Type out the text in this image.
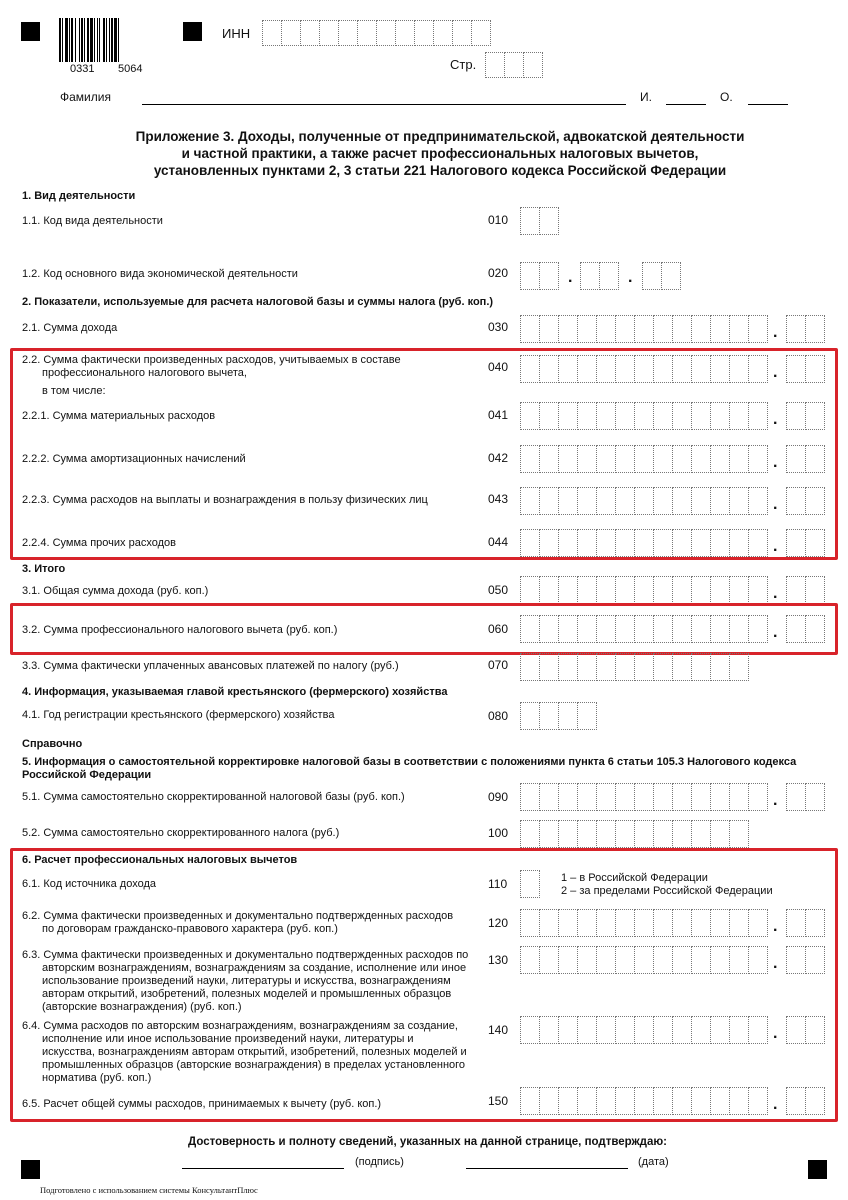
0331 5064
ИНН
Стр.
Фамилия	И.	О.
Приложение 3. Доходы, полученные от предпринимательской, адвокатской деятельности
и частной практики, а также расчет профессиональных налоговых вычетов,
установленных пунктами 2, 3 статьи 221 Налогового кодекса Российской Федерации
1. Вид деятельности
1.1. Код вида деятельности	010
1.2. Код основного вида экономической деятельности	020	.	.
2. Показатели, используемые для расчета налоговой базы и суммы налога (руб. коп.)
2.1. Сумма дохода	030	.
2.2. Сумма фактически произведенных расходов, учитываемых в составе
профессионального налогового вычета,
в том числе:
040	.
2.2.1. Сумма материальных расходов	041	.
2.2.2. Сумма амортизационных начислений	042	.
2.2.3. Сумма расходов на выплаты и вознаграждения в пользу физических лиц	043	.
2.2.4. Сумма прочих расходов	044	.
3. Итого
3.1. Общая сумма дохода (руб. коп.)	050	.
3.2. Сумма профессионального налогового вычета (руб. коп.)	060	.
3.3. Сумма фактически уплаченных авансовых платежей по налогу (руб.)	070
4. Информация, указываемая главой крестьянского (фермерского) хозяйства
4.1. Год регистрации крестьянского (фермерского) хозяйства	080
Справочно
5. Информация о самостоятельной корректировке налоговой базы в соответствии с положениями пункта 6 статьи 105.3 Налогового кодекса
Российской Федерации
5.1. Сумма самостоятельно скорректированной налоговой базы (руб. коп.)	090	.
5.2. Сумма самостоятельно скорректированного налога (руб.)	100
6. Расчет профессиональных налоговых вычетов
6.1. Код источника дохода	110	1 – в Российской Федерации
2 – за пределами Российской Федерации
6.2. Сумма фактически произведенных и документально подтвержденных расходов
по договорам гражданско-правового характера (руб. коп.)	120	.
6.3. Сумма фактически произведенных и документально подтвержденных расходов по
авторским вознаграждениям, вознаграждениям за создание, исполнение или иное
использование произведений науки, литературы и искусства, вознаграждениям
авторам открытий, изобретений, полезных моделей и промышленных образцов
(авторские вознаграждения) (руб. коп.)
130	.
6.4. Сумма расходов по авторским вознаграждениям, вознаграждениям за создание,
исполнение или иное использование произведений науки, литературы и
искусства, вознаграждениям авторам открытий, изобретений, полезных моделей и
промышленных образцов (авторские вознаграждения) в пределах установленного
норматива (руб. коп.)
140	.
6.5. Расчет общей суммы расходов, принимаемых к вычету (руб. коп.)	150	.
Достоверность и полноту сведений, указанных на данной странице, подтверждаю:
(подпись)	(дата)
Подготовлено с использованием системы КонсультантПлюс
